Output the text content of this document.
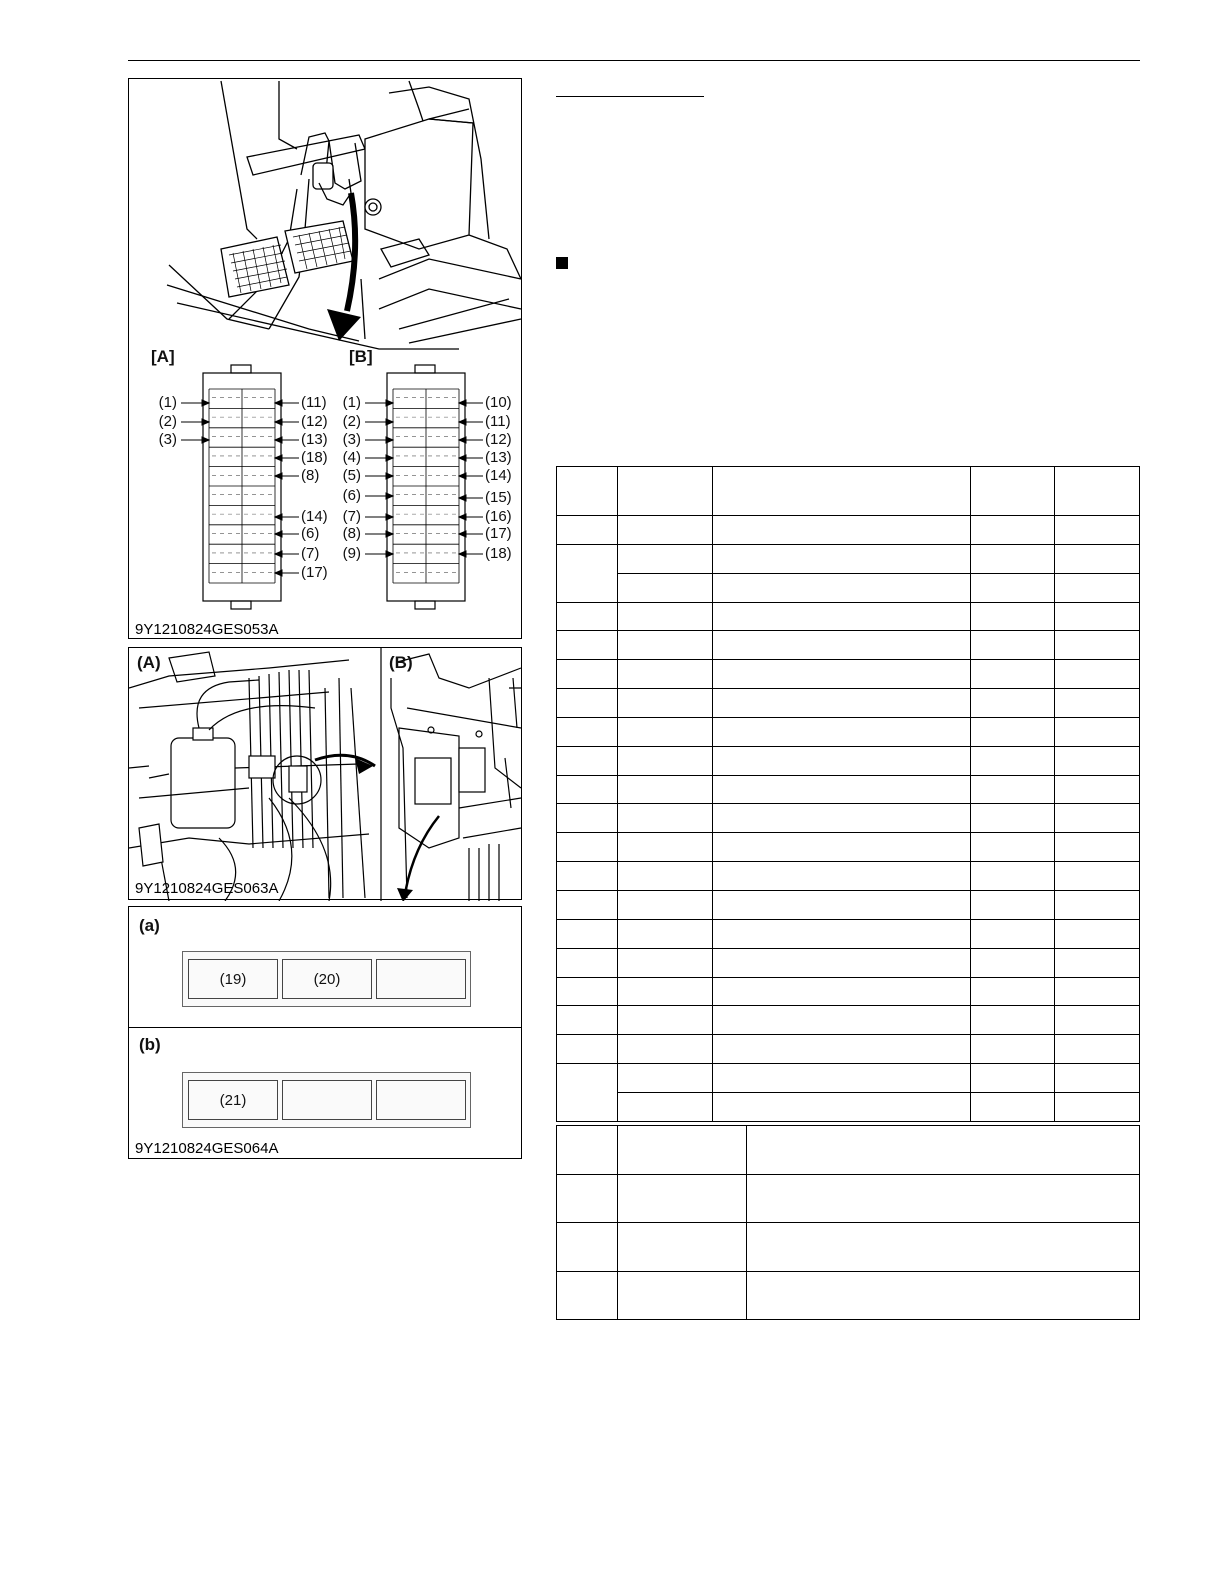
[A]	[B]
(1)
(2)
(3)
(11)
(12)
(13)
(18)
(8)
(14)
(6)
(7)
(17)
(1)
(2)
(3)
(4)
(5)
(6)
(7)
(8)
(9)
(10)
(11)
(12)
(13)
(14)
(15)
(16)
(17)
(18)
9Y1210824GES053A
(A)	(B)
9Y1210824GES063A
(a)
(19)	(20)
(b)
(21)
9Y1210824GES064A
